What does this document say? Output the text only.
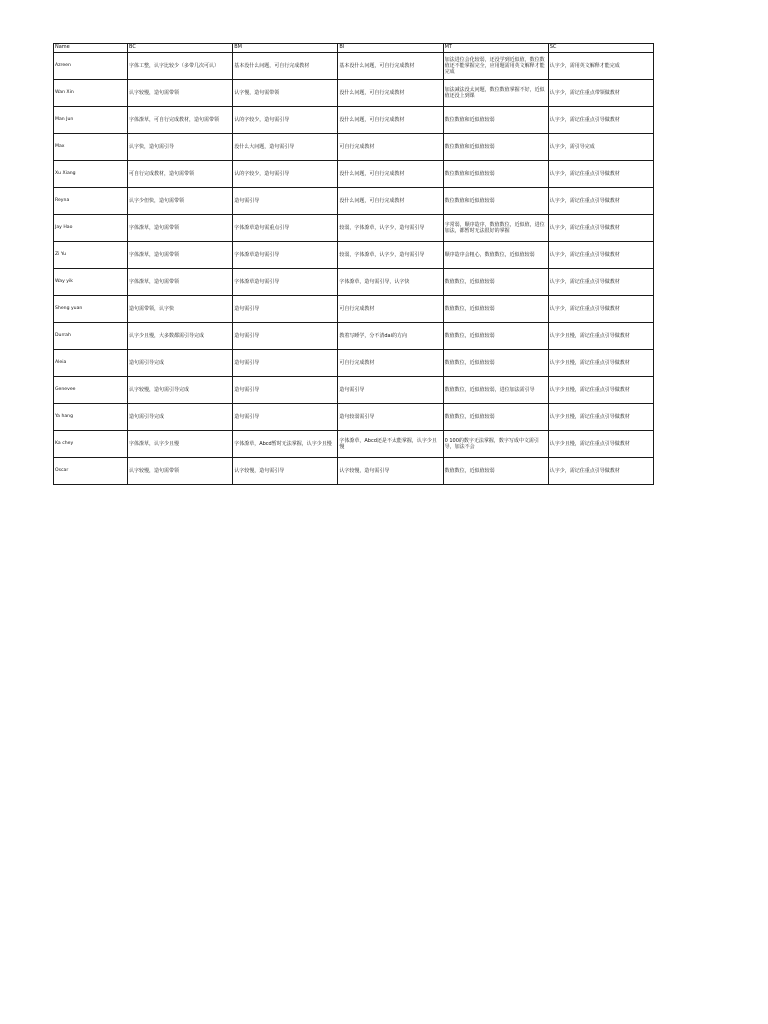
Name	BC	BM	BI	MT	SC
Azreen	字体工整，认字比较少（多带几次可认）	基本没什么问题，可自行完成教材	基本没什么问题，可自行完成教材	加法进位会化较弱，还没学到近似值，数位数值还不能掌握完全，应用题需用英文解释才能完成	认字少，需用英文解释才能完成
Wan Xin	认字较慢，造句需带领	认字慢，造句需带领	没什么问题，可自行完成教材	加法减法没太问题，数位数值掌握不好，近似值还没上到课	认字少，需记住重点带领做教材
Man Jun	字体潦草，可自行完成教材，造句需带领	认的字较少，造句需引导	没什么问题，可自行完成教材	数位数值和近似值较弱	认字少，需记住重点引导做教材
Max	认字快，造句需引导	没什么大问题，造句需引导	可自行完成教材	数位数值和近似值较弱	认字少，需引导完成
Xu Xiang	可自行完成教材，造句需带领	认的字较少，造句需引导	没什么问题，可自行完成教材	数位数值和近似值较弱	认字少，需记住重点引导做教材
Reyna	认字少但快，造句需带领	造句需引导	没什么问题，可自行完成教材	数位数值和近似值较弱	认字少，需记住重点引导做教材
Jay Hao	字体潦草，造句需带领	字体潦草造句需重点引导	较弱，字体潦草，认字少，造句需引导	字常弱，顺序造序，数值数位，近似值，进位加法，都暂时无法很好的掌握	认字少，需记住重点引导做教材
Zi Yu	字体潦草，造句需带领	字体潦草造句需引导	较弱，字体潦草，认字少，造句需引导	顺序造序会粗心，数值数位，近似值较弱	认字少，需记住重点引导做教材
Way yik	字体潦草，造句需带领	字体潦草造句需引导	字体潦草，造句需引导，认字快	数值数位，近似值较弱	认字少，需记住重点引导做教材
Sheng yuan	造句需带领，认字快	造句需引导	可自行完成教材	数值数位，近似值较弱	认字少，需记住重点引导做教材
Durrah	认字少且慢，大多数都需引导完成	造句需引导	教着写睡学，分不清dai的方向	数值数位，近似值较弱	认字少且慢，需记住重点引导做教材
Aleia	造句需引导完成	造句需引导	可自行完成教材	数值数位，近似值较弱	认字少且慢，需记住重点引导做教材
Genevee	认字较慢，造句需引导完成	造句需引导	造句需引导	数值数位，近似值较弱，进位加法需引导	认字少且慢，需记住重点引导做教材
Ya hang	造句需引导完成	造句需引导	造句较弱需引导	数值数位，近似值较弱	认字少且慢，需记住重点引导做教材
Ka chey	字体潦草，认字少且慢	字体潦草，Abcd暂时无法掌握，认字少且慢	字体潦草，Abcd还是不太能掌握，认字少且慢	0 100的数字无法掌握，数字写成中文需引导，加法不会	认字少且慢，需记住重点引导做教材
Oscar	认字较慢，造句需带领	认字较慢，造句需引导	认字较慢，造句需引导	数值数位，近似值较弱	认字少，需记住重点引导做教材
